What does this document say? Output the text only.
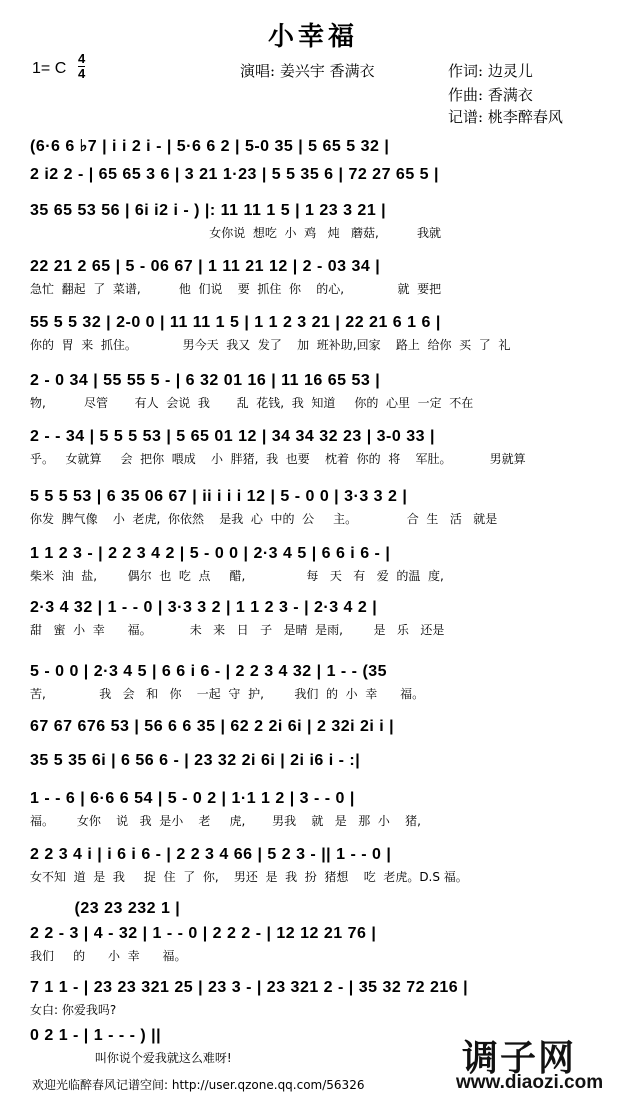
小幸福
1= C
4
4	演唱: 姜兴宇 香满衣	作词: 边灵儿
作曲: 香满衣
记谱: 桃李醉春风
(6·6 6 ♭7 | i i 2 i - | 5·6 6 2 | 5-0 35 | 5 65 5 32 |
2 i2 2 - | 65 65 3 6 | 3 21 1·23 | 5 5 35 6 | 72 27 65 5 |
35 65 53 56 | 6i i2 i - ) |: 11 11 1 5 | 1 23 3 21 |
女你说  想吃  小  鸡   炖   蘑菇,          我就
22 21 2 65 | 5 - 06 67 | 1 11 21 12 | 2 - 03 34 |
急忙  翻起  了  菜谱,          他  们说    要  抓住  你    的心,              就  要把
55 5 5 32 | 2-0 0 | 11 11 1 5 | 1 1 2 3 21 | 22 21 6 1 6 |
你的  胃  来  抓住。            男今天  我又  发了    加  班补助,回家    路上  给你  买  了  礼
2 - 0 34 | 55 55 5 - | 6 32 01 16 | 11 16 65 53 |
物,          尽管       有人  会说  我       乱  花钱,  我  知道     你的  心里  一定  不在
2 - - 34 | 5 5 5 53 | 5 65 01 12 | 34 34 32 23 | 3-0 33 |
乎。   女就算     会  把你  喂成    小  胖猪,  我  也要    枕着  你的  将    军肚。          男就算
5 5 5 53 | 6 35 06 67 | ii i i i 12 | 5 - 0 0 | 3·3 3 2 |
你发  脾气像    小  老虎,  你依然    是我  心  中的  公     主。             合  生   活   就是
1 1 2 3 - | 2 2 3 4 2 | 5 - 0 0 | 2·3 4 5 | 6 6 i 6 - |
柴米  油  盐,        偶尔  也  吃  点     醋,                每   天   有   爱  的温  度,
2·3 4 32 | 1 - - 0 | 3·3 3 2 | 1 1 2 3 - | 2·3 4 2 |
甜   蜜  小  幸      福。          未   来   日   子   是晴  是雨,        是   乐   还是
5 - 0 0 | 2·3 4 5 | 6 6 i 6 - | 2 2 3 4 32 | 1 - - (35
苦,              我   会   和   你    一起  守  护,        我们  的  小  幸      福。
67 67 676 53 | 56 6 6 35 | 62 2 2i 6i | 2 32i 2i i |
35 5 35 6i | 6 56 6 - | 23 32 2i 6i | 2i i6 i - :|
1 - - 6 | 6·6 6 54 | 5 - 0 2 | 1·1 1 2 | 3 - - 0 |
福。      女你    说   我  是小    老     虎,       男我    就   是   那  小    猪,
2 2 3 4 i | i 6 i 6 - | 2 2 3 4 66 | 5 2 3 - || 1 - - 0 |
女不知  道  是  我     捉  住  了  你,    男还  是  我  扮  猪想    吃  老虎。D.S 福。
(23 23 232 1 |
2 2 - 3 | 4 - 32 | 1 - - 0 | 2 2 2 - | 12 12 21 76 |
我们     的      小  幸      福。
7 1 1 - | 23 23 321 25 | 23 3 - | 23 321 2 - | 35 32 72 216 |
女白: 你爱我吗?
0 2 1 - | 1 - - - ) ||
叫你说个爱我就这么难呀!	调子网
www.diaozi.com
欢迎光临醉春风记谱空间: http://user.qzone.qq.com/56326
